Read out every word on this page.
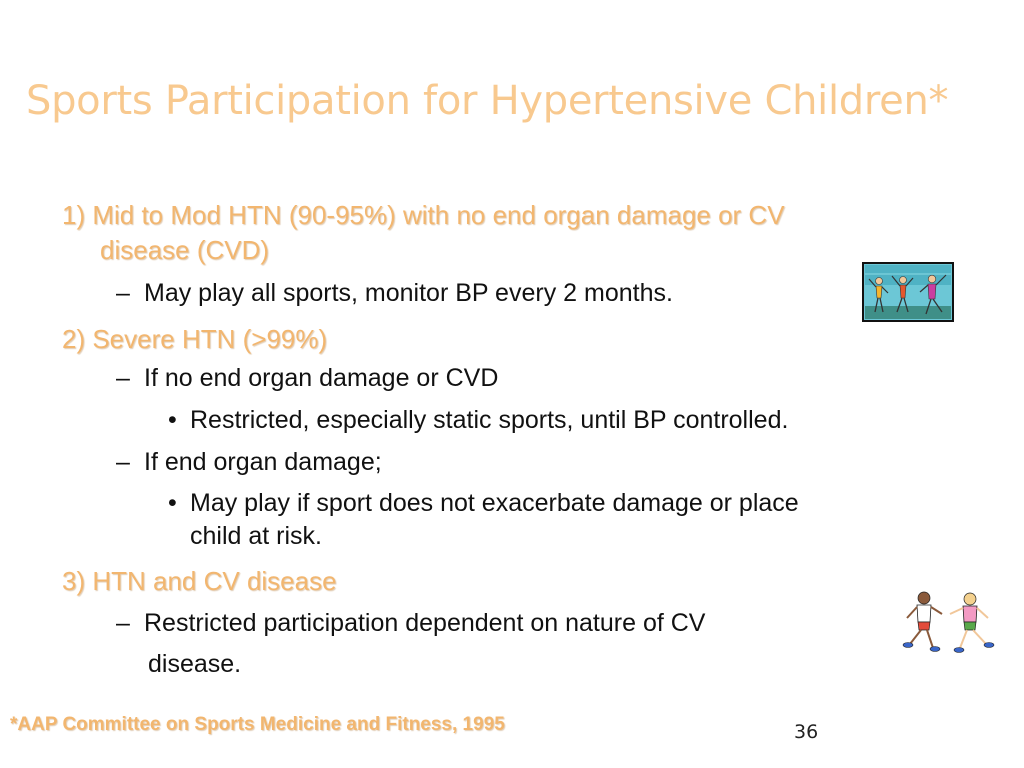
Sports Participation for Hypertensive Children*
1) Mid to Mod HTN (90-95%) with no end organ damage or CV
disease (CVD)
– May play all sports, monitor BP every 2 months.
2) Severe HTN (>99%)
– If no end organ damage or CVD
• Restricted, especially static sports, until BP controlled.
– If end organ damage;
• May play if sport does not exacerbate damage or place
child at risk.
3) HTN and CV disease
– Restricted participation dependent on nature of CV
disease.
*AAP Committee on Sports Medicine and Fitness, 1995	36
